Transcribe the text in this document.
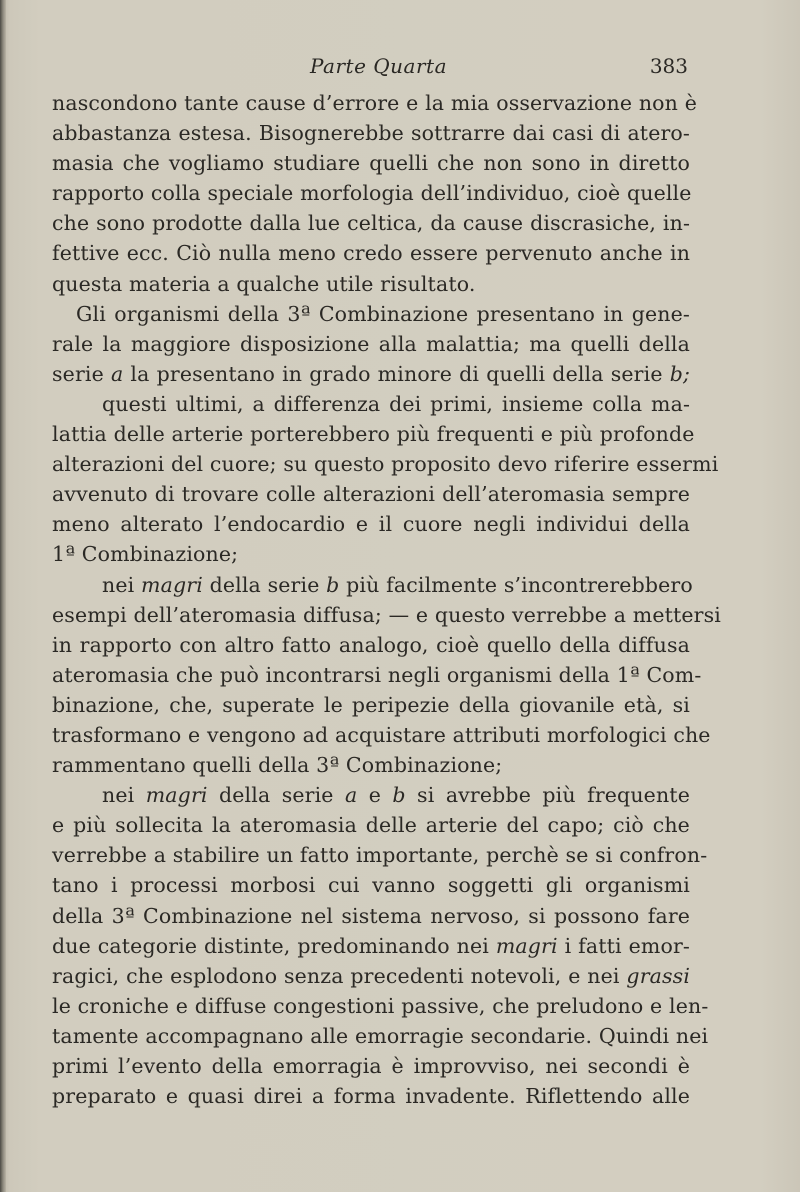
Parte Quarta	383
nascondono tante cause d’errore e la mia osservazione non è
abbastanza estesa. Bisognerebbe sottrarre dai casi di atero-
masia che vogliamo studiare quelli che non sono in diretto
rapporto colla speciale morfologia dell’individuo, cioè quelle
che sono prodotte dalla lue celtica, da cause discrasiche, in-
fettive ecc. Ciò nulla meno credo essere pervenuto anche in
questa materia a qualche utile risultato.
Gli organismi della 3ª Combinazione presentano in gene-
rale la maggiore disposizione alla malattia; ma quelli della
serie a la presentano in grado minore di quelli della serie b;
questi ultimi, a differenza dei primi, insieme colla ma-
lattia delle arterie porterebbero più frequenti e più profonde
alterazioni del cuore; su questo proposito devo riferire essermi
avvenuto di trovare colle alterazioni dell’ateromasia sempre
meno alterato l’endocardio e il cuore negli individui della
1ª Combinazione;
nei magri della serie b più facilmente s’incontrerebbero
esempi dell’ateromasia diffusa; — e questo verrebbe a mettersi
in rapporto con altro fatto analogo, cioè quello della diffusa
ateromasia che può incontrarsi negli organismi della 1ª Com-
binazione, che, superate le peripezie della giovanile età, si
trasformano e vengono ad acquistare attributi morfologici che
rammentano quelli della 3ª Combinazione;
nei magri della serie a e b si avrebbe più frequente
e più sollecita la ateromasia delle arterie del capo; ciò che
verrebbe a stabilire un fatto importante, perchè se si confron-
tano i processi morbosi cui vanno soggetti gli organismi
della 3ª Combinazione nel sistema nervoso, si possono fare
due categorie distinte, predominando nei magri i fatti emor-
ragici, che esplodono senza precedenti notevoli, e nei grassi
le croniche e diffuse congestioni passive, che preludono e len-
tamente accompagnano alle emorragie secondarie. Quindi nei
primi l’evento della emorragia è improvviso, nei secondi è
preparato e quasi direi a forma invadente. Riflettendo alle
